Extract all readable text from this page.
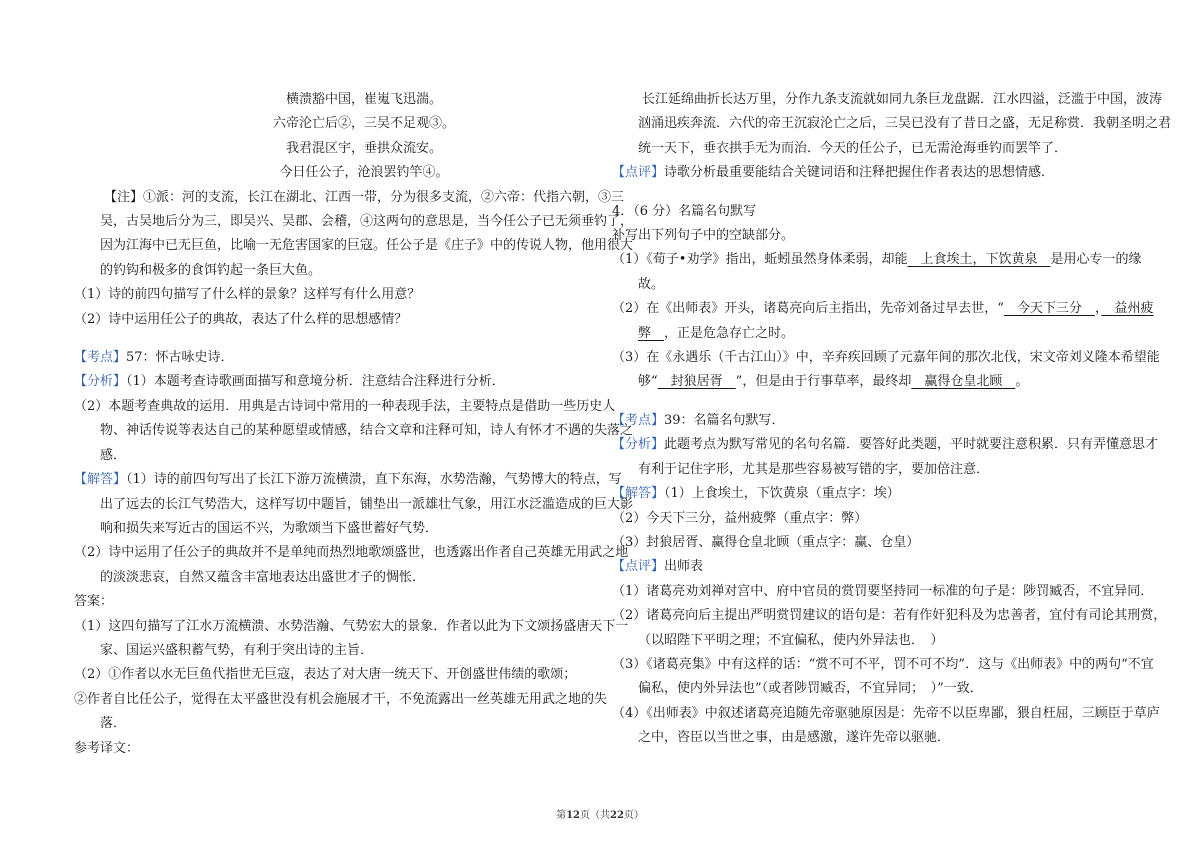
横溃豁中国，崔嵬飞迅湍。
六帝沦亡后②，三吴不足观③。
我君混区宇，垂拱众流安。
今日任公子，沧浪罢钓竿④。
【注】①派：河的支流，长江在湖北、江西一带，分为很多支流，②六帝：代指六朝，③三
吴，古吴地后分为三，即吴兴、吴郡、会稽，④这两句的意思是，当今任公子已无须垂钓了，
因为江海中已无巨鱼，比喻一无危害国家的巨寇。任公子是《庄子》中的传说人物，他用很大
的钓钩和极多的食饵钓起一条巨大鱼。
（1）诗的前四句描写了什么样的景象？这样写有什么用意？
（2）诗中运用任公子的典故，表达了什么样的思想感情？
【考点】57：怀古咏史诗．
【分析】（1）本题考查诗歌画面描写和意境分析．注意结合注释进行分析．
（2）本题考查典故的运用．用典是古诗词中常用的一种表现手法，主要特点是借助一些历史人
物、神话传说等表达自己的某种愿望或情感，结合文章和注释可知，诗人有怀才不遇的失落之
感．
【解答】（1）诗的前四句写出了长江下游万流横溃，直下东海，水势浩瀚，气势博大的特点，写
出了远去的长江气势浩大，这样写切中题旨，铺垫出一派雄壮气象，用江水泛滥造成的巨大影
响和损失来写近古的国运不兴，为歌颂当下盛世蓄好气势．
（2）诗中运用了任公子的典故并不是单纯而热烈地歌颂盛世，也透露出作者自己英雄无用武之地
的淡淡悲哀，自然又蕴含丰富地表达出盛世才子的惆怅．
答案：
（1）这四句描写了江水万流横溃、水势浩瀚、气势宏大的景象．作者以此为下文颂扬盛唐天下一
家、国运兴盛积蓄气势，有利于突出诗的主旨．
（2）①作者以水无巨鱼代指世无巨寇，表达了对大唐一统天下、开创盛世伟绩的歌颂；
②作者自比任公子，觉得在太平盛世没有机会施展才干，不免流露出一丝英雄无用武之地的失
落．
参考译文：
长江延绵曲折长达万里，分作九条支流就如同九条巨龙盘踞．江水四溢，泛滥于中国，波涛
汹涌迅疾奔流．六代的帝王沉寂沦亡之后，三吴已没有了昔日之盛，无足称赏．我朝圣明之君
统一天下，垂衣拱手无为而治．今天的任公子，已无需沧海垂钓而罢竿了．
【点评】诗歌分析最重要能结合关键词语和注释把握住作者表达的思想情感．
4．（6 分）名篇名句默写
补写出下列句子中的空缺部分。
（1）《荀子•劝学》指出，蚯蚓虽然身体柔弱，却能　上食埃土，下饮黄泉　是用心专一的缘
故。
（2）在《出师表》开头，诸葛亮向后主指出，先帝刘备过早去世，“　今天下三分　，　益州疲
弊　，正是危急存亡之时。
（3）在《永遇乐（千古江山）》中，辛弃疾回顾了元嘉年间的那次北伐，宋文帝刘义隆本希望能
够“　封狼居胥　”，但是由于行事草率，最终却　赢得仓皇北顾　。
【考点】39：名篇名句默写．
【分析】此题考点为默写常见的名句名篇．要答好此类题，平时就要注意积累．只有弄懂意思才
有利于记住字形，尤其是那些容易被写错的字，要加倍注意．
【解答】（1）上食埃土，下饮黄泉（重点字：埃）
（2）今天下三分，益州疲弊（重点字：弊）
（3）封狼居胥、赢得仓皇北顾（重点字：赢、仓皇）
【点评】出师表
（1）诸葛亮劝刘禅对宫中、府中官员的赏罚要坚持同一标准的句子是：陟罚臧否，不宜异同．
（2）诸葛亮向后主提出严明赏罚建议的语句是：若有作奸犯科及为忠善者，宜付有司论其刑赏，
（以昭陛下平明之理；不宜偏私，使内外异法也．　）
（3）《诸葛亮集》中有这样的话：“赏不可不平，罚不可不均”．这与《出师表》中的两句“不宜
偏私，使内外异法也”（或者陟罚臧否，不宜异同；　）”一致．
（4）《出师表》中叙述诸葛亮追随先帝驱驰原因是：先帝不以臣卑鄙，猥自枉屈，三顾臣于草庐
之中，咨臣以当世之事，由是感激，遂许先帝以驱驰．
第12页（共22页）
